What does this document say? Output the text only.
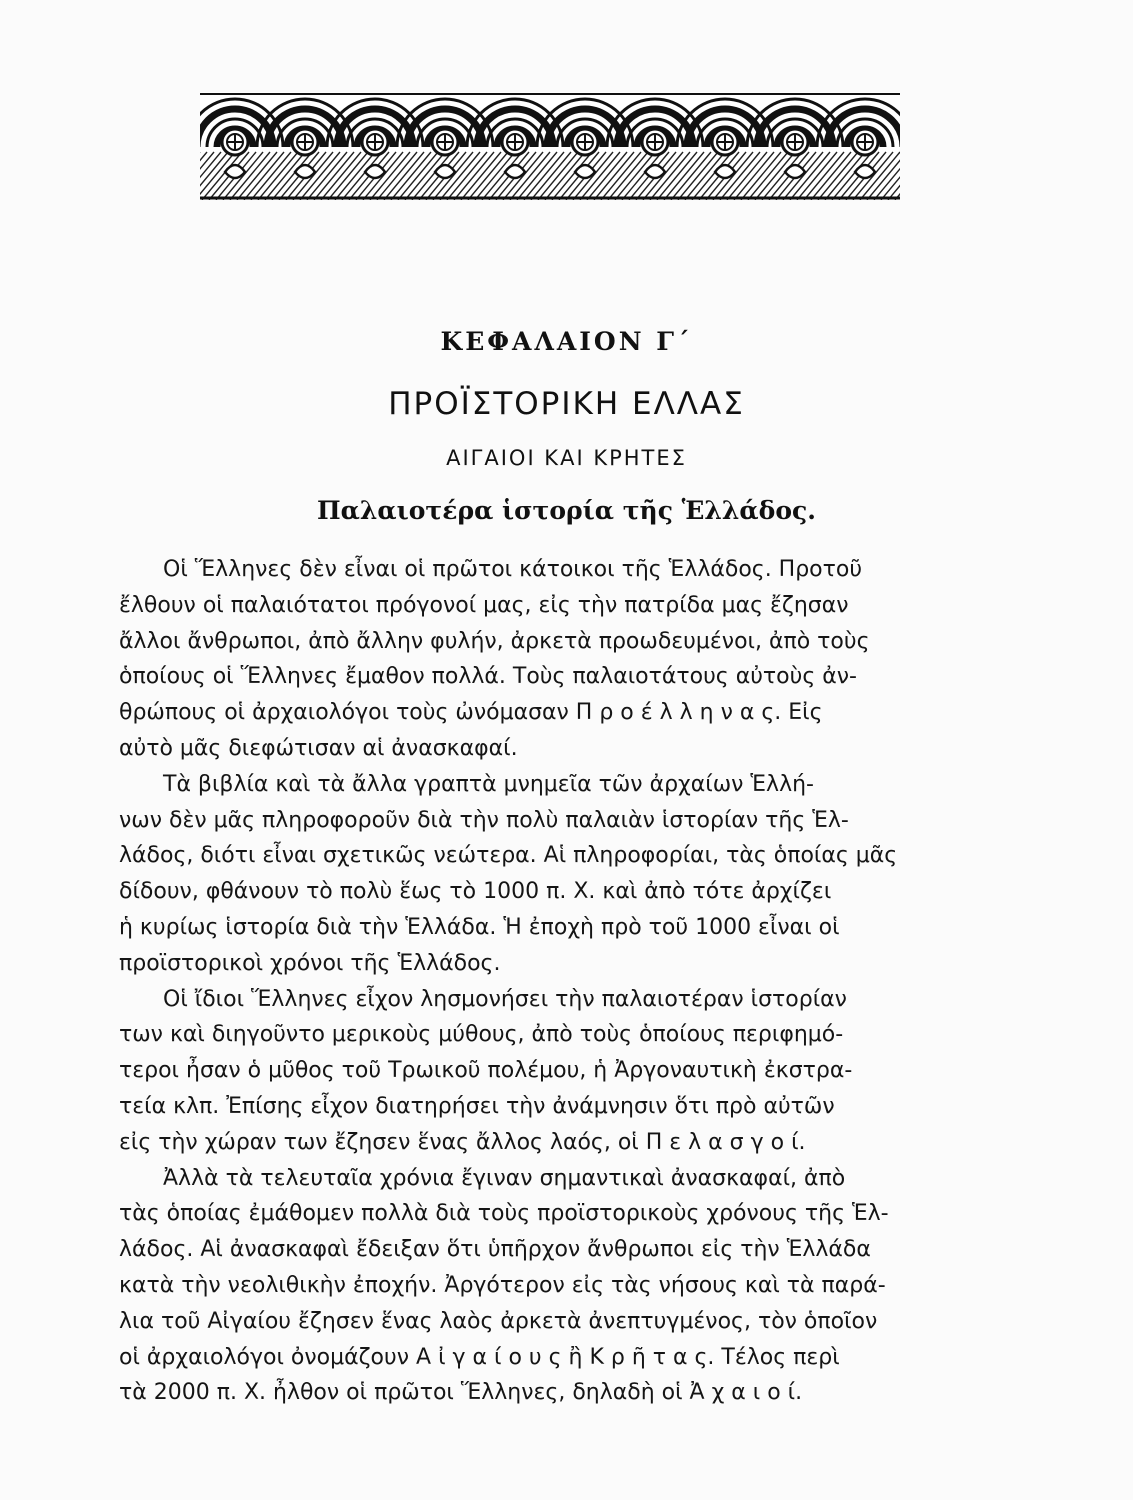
ΚΕΦΑΛΑΙΟΝ Γ΄
ΠΡΟΪΣΤΟΡΙΚΗ ΕΛΛΑΣ
ΑΙΓΑΙΟΙ ΚΑΙ ΚΡΗΤΕΣ
Παλαιοτέρα ἱστορία τῆς Ἑλλάδος.

Οἱ Ἕλληνες δὲν εἶναι οἱ πρῶτοι κάτοικοι τῆς Ἑλλάδος. Προτοῦ
ἔλθουν οἱ παλαιότατοι πρόγονοί μας, εἰς τὴν πατρίδα μας ἔζησαν
ἄλλοι ἄνθρωποι, ἀπὸ ἄλλην φυλήν, ἀρκετὰ προωδευμένοι, ἀπὸ τοὺς
ὁποίους οἱ Ἕλληνες ἔμαθον πολλά. Τοὺς παλαιοτάτους αὐτοὺς ἀν-
θρώπους οἱ ἀρχαιολόγοι τοὺς ὠνόμασαν Π ρ ο έ λ λ η ν α ς. Εἰς
αὐτὸ μᾶς διεφώτισαν αἱ ἀνασκαφαί.

Τὰ βιβλία καὶ τὰ ἄλλα γραπτὰ μνημεῖα τῶν ἀρχαίων Ἑλλή-
νων δὲν μᾶς πληροφοροῦν διὰ τὴν πολὺ παλαιὰν ἱστορίαν τῆς Ἑλ-
λάδος, διότι εἶναι σχετικῶς νεώτερα. Αἱ πληροφορίαι, τὰς ὁποίας μᾶς
δίδουν, φθάνουν τὸ πολὺ ἕως τὸ 1000 π. Χ. καὶ ἀπὸ τότε ἀρχίζει
ἡ κυρίως ἱστορία διὰ τὴν Ἑλλάδα. Ἡ ἐποχὴ πρὸ τοῦ 1000 εἶναι οἱ
προϊστορικοὶ χρόνοι τῆς Ἑλλάδος.

Οἱ ἴδιοι Ἕλληνες εἶχον λησμονήσει τὴν παλαιοτέραν ἱστορίαν
των καὶ διηγοῦντο μερικοὺς μύθους, ἀπὸ τοὺς ὁποίους περιφημό-
τεροι ἦσαν ὁ μῦθος τοῦ Τρωικοῦ πολέμου, ἡ Ἀργοναυτικὴ ἐκστρα-
τεία κλπ. Ἐπίσης εἶχον διατηρήσει τὴν ἀνάμνησιν ὅτι πρὸ αὐτῶν
εἰς τὴν χώραν των ἔζησεν ἕνας ἄλλος λαός, οἱ Π ε λ α σ γ ο ί.

Ἀλλὰ τὰ τελευταῖα χρόνια ἔγιναν σημαντικαὶ ἀνασκαφαί, ἀπὸ
τὰς ὁποίας ἐμάθομεν πολλὰ διὰ τοὺς προϊστορικοὺς χρόνους τῆς Ἑλ-
λάδος. Αἱ ἀνασκαφαὶ ἔδειξαν ὅτι ὑπῆρχον ἄνθρωποι εἰς τὴν Ἑλλάδα
κατὰ τὴν νεολιθικὴν ἐποχήν. Ἀργότερον εἰς τὰς νήσους καὶ τὰ παρά-
λια τοῦ Αἰγαίου ἔζησεν ἕνας λαὸς ἀρκετὰ ἀνεπτυγμένος, τὸν ὁποῖον
οἱ ἀρχαιολόγοι ὀνομάζουν Α ἰ γ α ί ο υ ς ἢ Κ ρ ῆ τ α ς. Τέλος περὶ
τὰ 2000 π. Χ. ἦλθον οἱ πρῶτοι Ἕλληνες, δηλαδὴ οἱ Ἀ χ α ι ο ί.
